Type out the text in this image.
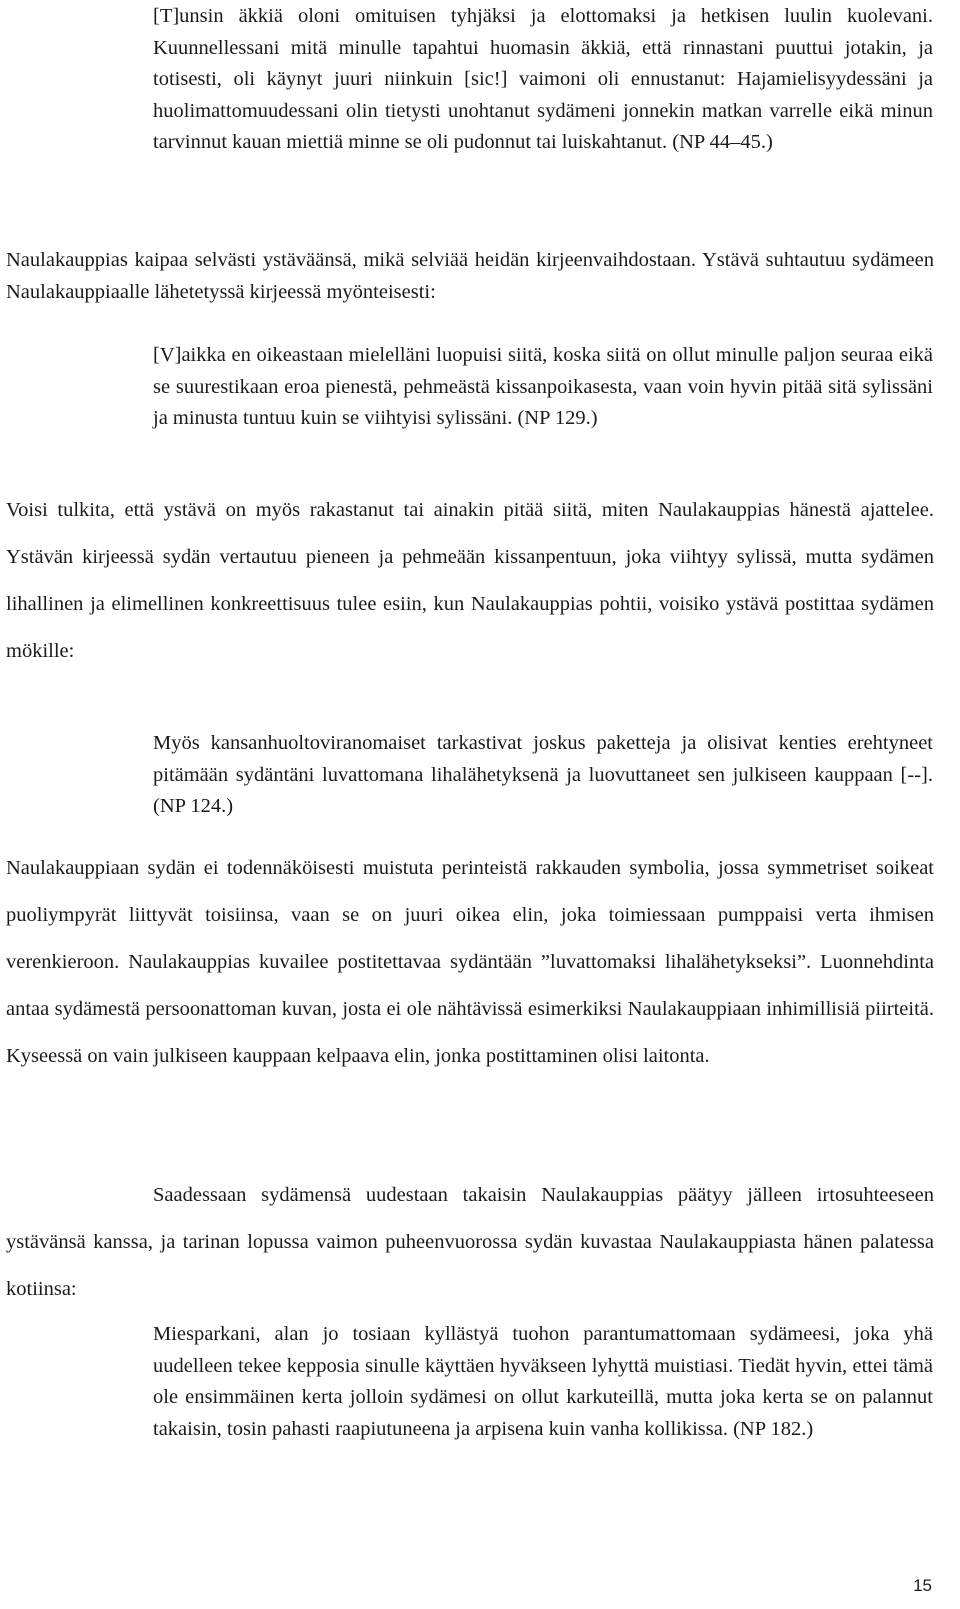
[T]unsin äkkiä oloni omituisen tyhjäksi ja elottomaksi ja hetkisen luulin kuolevani. Kuunnellessani mitä minulle tapahtui huomasin äkkiä, että rinnastani puuttui jotakin, ja totisesti, oli käynyt juuri niinkuin [sic!] vaimoni oli ennustanut: Hajamielisyydessäni ja huolimattomuudessani olin tietysti unohtanut sydämeni jonnekin matkan varrelle eikä minun tarvinnut kauan miettiä minne se oli pudonnut tai luiskahtanut. (NP 44–45.)

Naulakauppias kaipaa selvästi ystäväänsä, mikä selviää heidän kirjeenvaihdostaan. Ystävä suhtautuu sydämeen Naulakauppiaalle lähetetyssä kirjeessä myönteisesti:

[V]aikka en oikeastaan mielelläni luopuisi siitä, koska siitä on ollut minulle paljon seuraa eikä se suurestikaan eroa pienestä, pehmeästä kissanpoikasesta, vaan voin hyvin pitää sitä sylissäni ja minusta tuntuu kuin se viihtyisi sylissäni. (NP 129.)

Voisi tulkita, että ystävä on myös rakastanut tai ainakin pitää siitä, miten Naulakauppias hänestä ajattelee. Ystävän kirjeessä sydän vertautuu pieneen ja pehmeään kissanpentuun, joka viihtyy sylissä, mutta sydämen lihallinen ja elimellinen konkreettisuus tulee esiin, kun Naulakauppias pohtii, voisiko ystävä postittaa sydämen mökille:

Myös kansanhuoltoviranomaiset tarkastivat joskus paketteja ja olisivat kenties erehtyneet pitämään sydäntäni luvattomana lihalähetyksenä ja luovuttaneet sen julkiseen kauppaan [--]. (NP 124.)

Naulakauppiaan sydän ei todennäköisesti muistuta perinteistä rakkauden symbolia, jossa symmetriset soikeat puoliympyrät liittyvät toisiinsa, vaan se on juuri oikea elin, joka toimiessaan pumppaisi verta ihmisen verenkieroon. Naulakauppias kuvailee postitettavaa sydäntään ”luvattomaksi lihalähetykseksi”. Luonnehdinta antaa sydämestä persoonattoman kuvan, josta ei ole nähtävissä esimerkiksi Naulakauppiaan inhimillisiä piirteitä. Kyseessä on vain julkiseen kauppaan kelpaava elin, jonka postittaminen olisi laitonta.

Saadessaan sydämensä uudestaan takaisin Naulakauppias päätyy jälleen irtosuhteeseen ystävänsä kanssa, ja tarinan lopussa vaimon puheenvuorossa sydän kuvastaa Naulakauppiasta hänen palatessa kotiinsa:

Miesparkani, alan jo tosiaan kyllästyä tuohon parantumattomaan sydämeesi, joka yhä uudelleen tekee kepposia sinulle käyttäen hyväkseen lyhyttä muistiasi. Tiedät hyvin, ettei tämä ole ensimmäinen kerta jolloin sydämesi on ollut karkuteillä, mutta joka kerta se on palannut takaisin, tosin pahasti raapiutuneena ja arpisena kuin vanha kollikissa. (NP 182.)

15
